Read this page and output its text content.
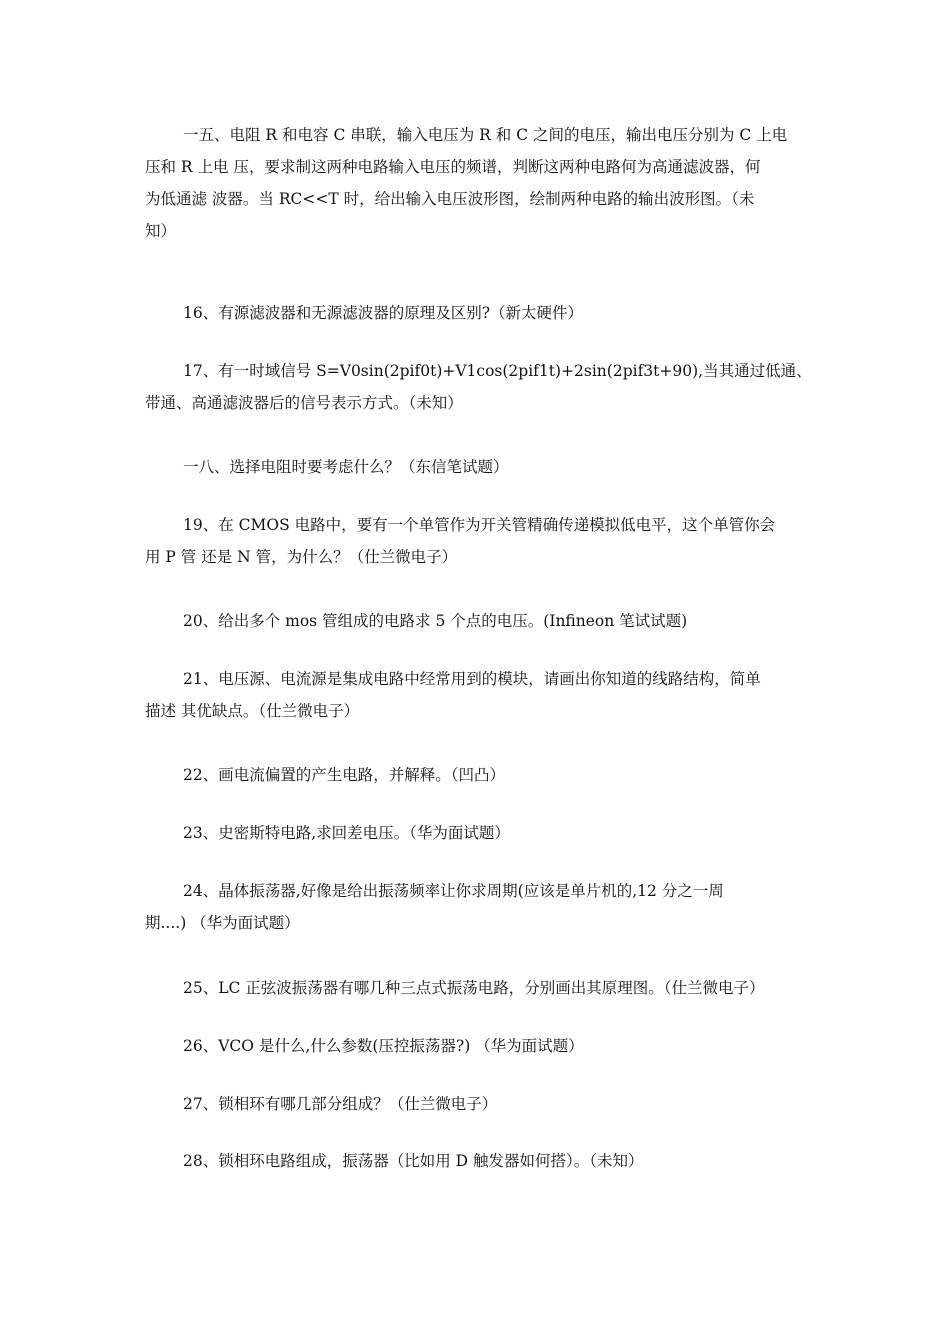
一五、电阻 R 和电容 C 串联，输入电压为 R 和 C 之间的电压，输出电压分别为 C 上电
压和 R 上电 压，要求制这两种电路输入电压的频谱，判断这两种电路何为高通滤波器，何
为低通滤 波器。当 RC<<T 时，给出输入电压波形图，绘制两种电路的输出波形图。（未
知）

16、有源滤波器和无源滤波器的原理及区别?（新太硬件）

17、有一时域信号 S=V0sin(2pif0t)+V1cos(2pif1t)+2sin(2pif3t+90),当其通过低通、
带通、高通滤波器后的信号表示方式。（未知）

一八、选择电阻时要考虑什么？（东信笔试题）

19、在 CMOS 电路中，要有一个单管作为开关管精确传递模拟低电平，这个单管你会
用 P 管 还是 N 管，为什么？（仕兰微电子）

20、给出多个 mos 管组成的电路求 5 个点的电压。(Infineon 笔试试题)

21、电压源、电流源是集成电路中经常用到的模块，请画出你知道的线路结构，简单
描述 其优缺点。（仕兰微电子）

22、画电流偏置的产生电路，并解释。（凹凸）

23、史密斯特电路,求回差电压。（华为面试题）

24、晶体振荡器,好像是给出振荡频率让你求周期(应该是单片机的,12 分之一周
期....) （华为面试题）

25、LC 正弦波振荡器有哪几种三点式振荡电路，分别画出其原理图。（仕兰微电子）

26、VCO 是什么,什么参数(压控振荡器?) （华为面试题）

27、锁相环有哪几部分组成？（仕兰微电子）

28、锁相环电路组成，振荡器（比如用 D 触发器如何搭）。（未知）
